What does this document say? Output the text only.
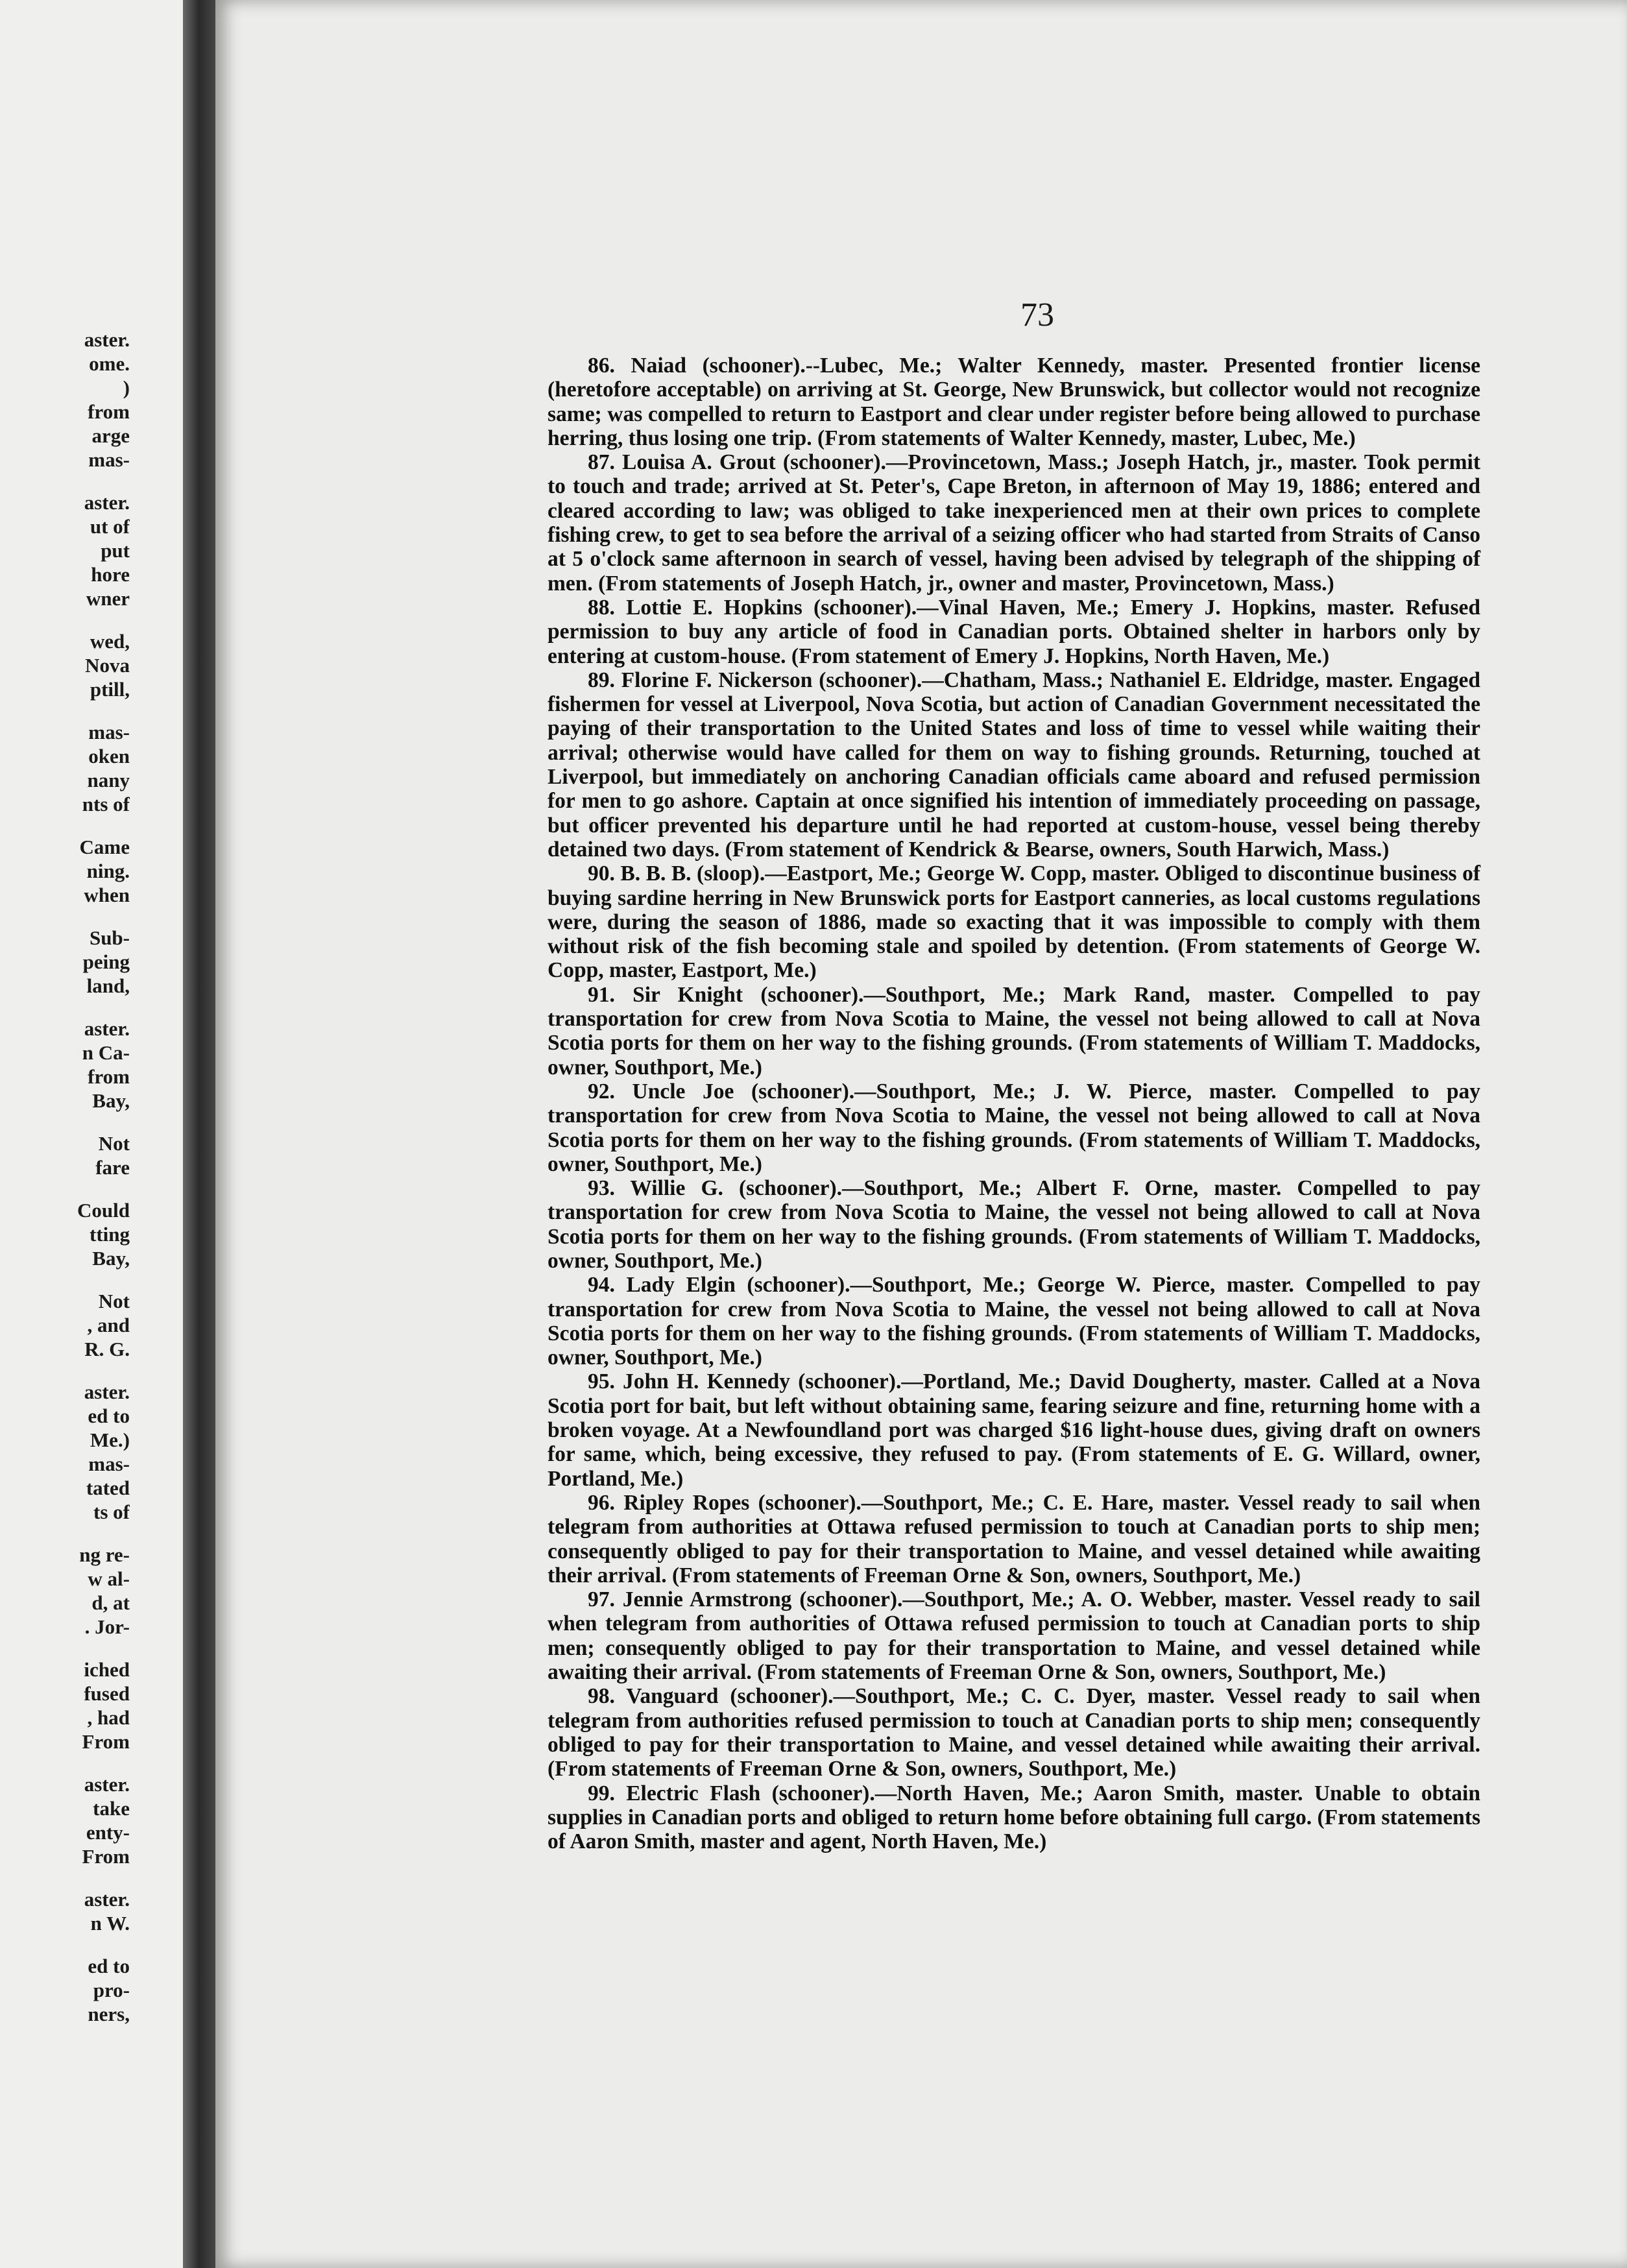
aster.
ome.
)
from
arge
mas-
aster.
ut of
put
hore
wner
wed,
Nova
ptill,
mas-
oken
nany
nts of
Came
ning.
when
Sub-
peing
land,
aster.
n Ca-
from
Bay,
Not
fare
Could
tting
Bay,
Not
, and
R. G.
aster.
ed to
Me.)
mas-
tated
ts of
ng re-
w al-
d, at
. Jor-
iched
fused
, had
From
aster.
take
enty-
From
aster.
n W.
ed to
pro-
ners,
73

86. Naiad (schooner).--Lubec, Me.; Walter Kennedy, master. Presented frontier license (heretofore acceptable) on arriving at St. George, New Brunswick, but collector would not recognize same; was compelled to return to Eastport and clear under register before being allowed to purchase herring, thus losing one trip. (From statements of Walter Kennedy, master, Lubec, Me.)

87. Louisa A. Grout (schooner).—Provincetown, Mass.; Joseph Hatch, jr., master. Took permit to touch and trade; arrived at St. Peter's, Cape Breton, in afternoon of May 19, 1886; entered and cleared according to law; was obliged to take inexperienced men at their own prices to complete fishing crew, to get to sea before the arrival of a seizing officer who had started from Straits of Canso at 5 o'clock same afternoon in search of vessel, having been advised by telegraph of the shipping of men. (From statements of Joseph Hatch, jr., owner and master, Provincetown, Mass.)

88. Lottie E. Hopkins (schooner).—Vinal Haven, Me.; Emery J. Hopkins, master. Refused permission to buy any article of food in Canadian ports. Obtained shelter in harbors only by entering at custom-house. (From statement of Emery J. Hopkins, North Haven, Me.)

89. Florine F. Nickerson (schooner).—Chatham, Mass.; Nathaniel E. Eldridge, master. Engaged fishermen for vessel at Liverpool, Nova Scotia, but action of Canadian Government necessitated the paying of their transportation to the United States and loss of time to vessel while waiting their arrival; otherwise would have called for them on way to fishing grounds. Returning, touched at Liverpool, but immediately on anchoring Canadian officials came aboard and refused permission for men to go ashore. Captain at once signified his intention of immediately proceeding on passage, but officer prevented his departure until he had reported at custom-house, vessel being thereby detained two days. (From statement of Kendrick & Bearse, owners, South Harwich, Mass.)

90. B. B. B. (sloop).—Eastport, Me.; George W. Copp, master. Obliged to discontinue business of buying sardine herring in New Brunswick ports for Eastport canneries, as local customs regulations were, during the season of 1886, made so exacting that it was impossible to comply with them without risk of the fish becoming stale and spoiled by detention. (From statements of George W. Copp, master, Eastport, Me.)

91. Sir Knight (schooner).—Southport, Me.; Mark Rand, master. Compelled to pay transportation for crew from Nova Scotia to Maine, the vessel not being allowed to call at Nova Scotia ports for them on her way to the fishing grounds. (From statements of William T. Maddocks, owner, Southport, Me.)

92. Uncle Joe (schooner).—Southport, Me.; J. W. Pierce, master. Compelled to pay transportation for crew from Nova Scotia to Maine, the vessel not being allowed to call at Nova Scotia ports for them on her way to the fishing grounds. (From statements of William T. Maddocks, owner, Southport, Me.)

93. Willie G. (schooner).—Southport, Me.; Albert F. Orne, master. Compelled to pay transportation for crew from Nova Scotia to Maine, the vessel not being allowed to call at Nova Scotia ports for them on her way to the fishing grounds. (From statements of William T. Maddocks, owner, Southport, Me.)

94. Lady Elgin (schooner).—Southport, Me.; George W. Pierce, master. Compelled to pay transportation for crew from Nova Scotia to Maine, the vessel not being allowed to call at Nova Scotia ports for them on her way to the fishing grounds. (From statements of William T. Maddocks, owner, Southport, Me.)

95. John H. Kennedy (schooner).—Portland, Me.; David Dougherty, master. Called at a Nova Scotia port for bait, but left without obtaining same, fearing seizure and fine, returning home with a broken voyage. At a Newfoundland port was charged $16 light-house dues, giving draft on owners for same, which, being excessive, they refused to pay. (From statements of E. G. Willard, owner, Portland, Me.)

96. Ripley Ropes (schooner).—Southport, Me.; C. E. Hare, master. Vessel ready to sail when telegram from authorities at Ottawa refused permission to touch at Canadian ports to ship men; consequently obliged to pay for their transportation to Maine, and vessel detained while awaiting their arrival. (From statements of Freeman Orne & Son, owners, Southport, Me.)

97. Jennie Armstrong (schooner).—Southport, Me.; A. O. Webber, master. Vessel ready to sail when telegram from authorities of Ottawa refused permission to touch at Canadian ports to ship men; consequently obliged to pay for their transportation to Maine, and vessel detained while awaiting their arrival. (From statements of Freeman Orne & Son, owners, Southport, Me.)

98. Vanguard (schooner).—Southport, Me.; C. C. Dyer, master. Vessel ready to sail when telegram from authorities refused permission to touch at Canadian ports to ship men; consequently obliged to pay for their transportation to Maine, and vessel detained while awaiting their arrival. (From statements of Freeman Orne & Son, owners, Southport, Me.)

99. Electric Flash (schooner).—North Haven, Me.; Aaron Smith, master. Unable to obtain supplies in Canadian ports and obliged to return home before obtaining full cargo. (From statements of Aaron Smith, master and agent, North Haven, Me.)
